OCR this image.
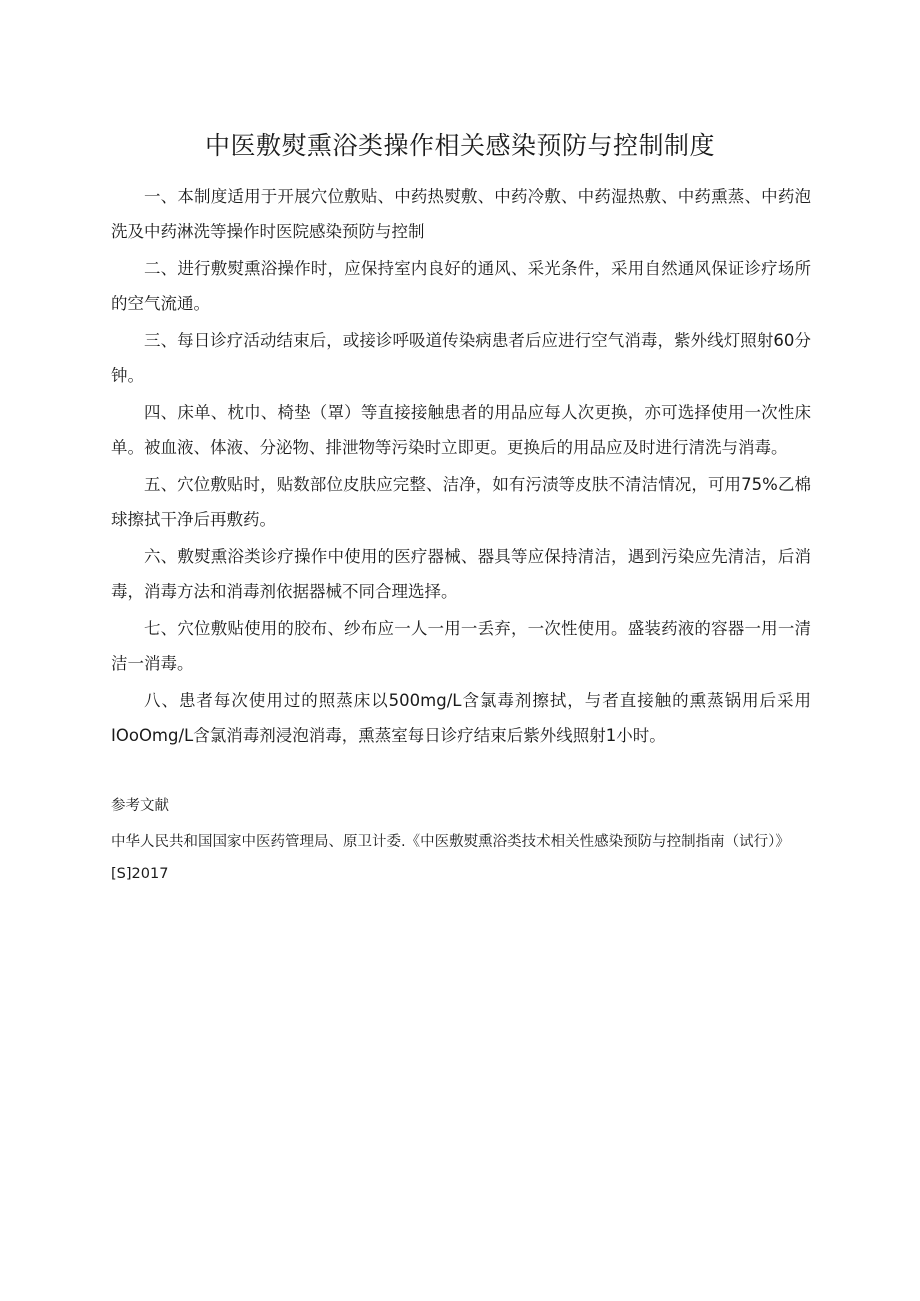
中医敷熨熏浴类操作相关感染预防与控制制度

一、本制度适用于开展穴位敷贴、中药热熨敷、中药冷敷、中药湿热敷、中药熏蒸、中药泡洗及中药淋洗等操作时医院感染预防与控制

二、进行敷熨熏浴操作时，应保持室内良好的通风、采光条件，采用自然通风保证诊疗场所的空气流通。

三、每日诊疗活动结束后，或接诊呼吸道传染病患者后应进行空气消毒，紫外线灯照射60分钟。

四、床单、枕巾、椅垫（罩）等直接接触患者的用品应每人次更换，亦可选择使用一次性床单。被血液、体液、分泌物、排泄物等污染时立即更。更换后的用品应及时进行清洗与消毒。

五、穴位敷贴时，贴数部位皮肤应完整、洁净，如有污渍等皮肤不清洁情况，可用75%乙棉球擦拭干净后再敷药。

六、敷熨熏浴类诊疗操作中使用的医疗器械、器具等应保持清洁，遇到污染应先清洁，后消毒，消毒方法和消毒剂依据器械不同合理选择。

七、穴位敷贴使用的胶布、纱布应一人一用一丢弃，一次性使用。盛装药液的容器一用一清洁一消毒。

八、患者每次使用过的照蒸床以500mg/L含氯毒剂擦拭，与者直接触的熏蒸锅用后采用IOoOmg/L含氯消毒剂浸泡消毒，熏蒸室每日诊疗结束后紫外线照射1小时。

参考文献

中华人民共和国国家中医药管理局、原卫计委.《中医敷熨熏浴类技术相关性感染预防与控制指南（试行）》[S]2017
